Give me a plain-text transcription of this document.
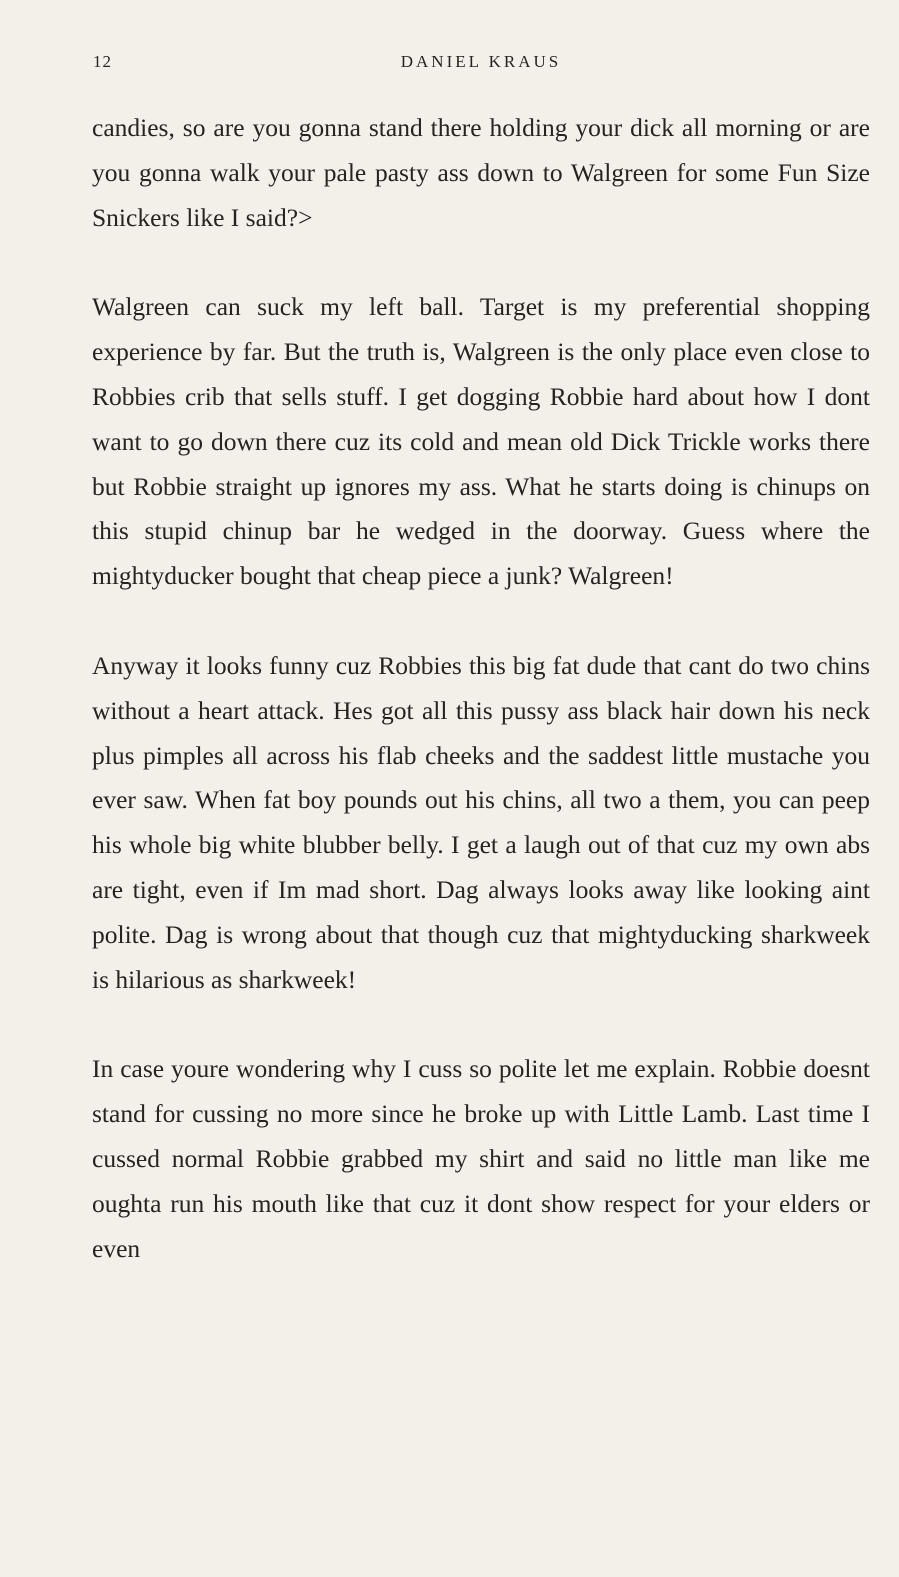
12	DANIEL KRAUS

candies, so are you gonna stand there holding your dick all morning or are you gonna walk your pale pasty ass down to Walgreen for some Fun Size Snickers like I said?>

Walgreen can suck my left ball. Target is my preferential shopping experience by far. But the truth is, Walgreen is the only place even close to Robbies crib that sells stuff. I get dogging Robbie hard about how I dont want to go down there cuz its cold and mean old Dick Trickle works there but Robbie straight up ignores my ass. What he starts doing is chinups on this stupid chinup bar he wedged in the doorway. Guess where the mightyducker bought that cheap piece a junk? Walgreen!

Anyway it looks funny cuz Robbies this big fat dude that cant do two chins without a heart attack. Hes got all this pussy ass black hair down his neck plus pimples all across his flab cheeks and the saddest little mustache you ever saw. When fat boy pounds out his chins, all two a them, you can peep his whole big white blubber belly. I get a laugh out of that cuz my own abs are tight, even if Im mad short. Dag always looks away like looking aint polite. Dag is wrong about that though cuz that mightyducking sharkweek is hilarious as sharkweek!

In case youre wondering why I cuss so polite let me explain. Robbie doesnt stand for cussing no more since he broke up with Little Lamb. Last time I cussed normal Robbie grabbed my shirt and said no little man like me oughta run his mouth like that cuz it dont show respect for your elders or even
